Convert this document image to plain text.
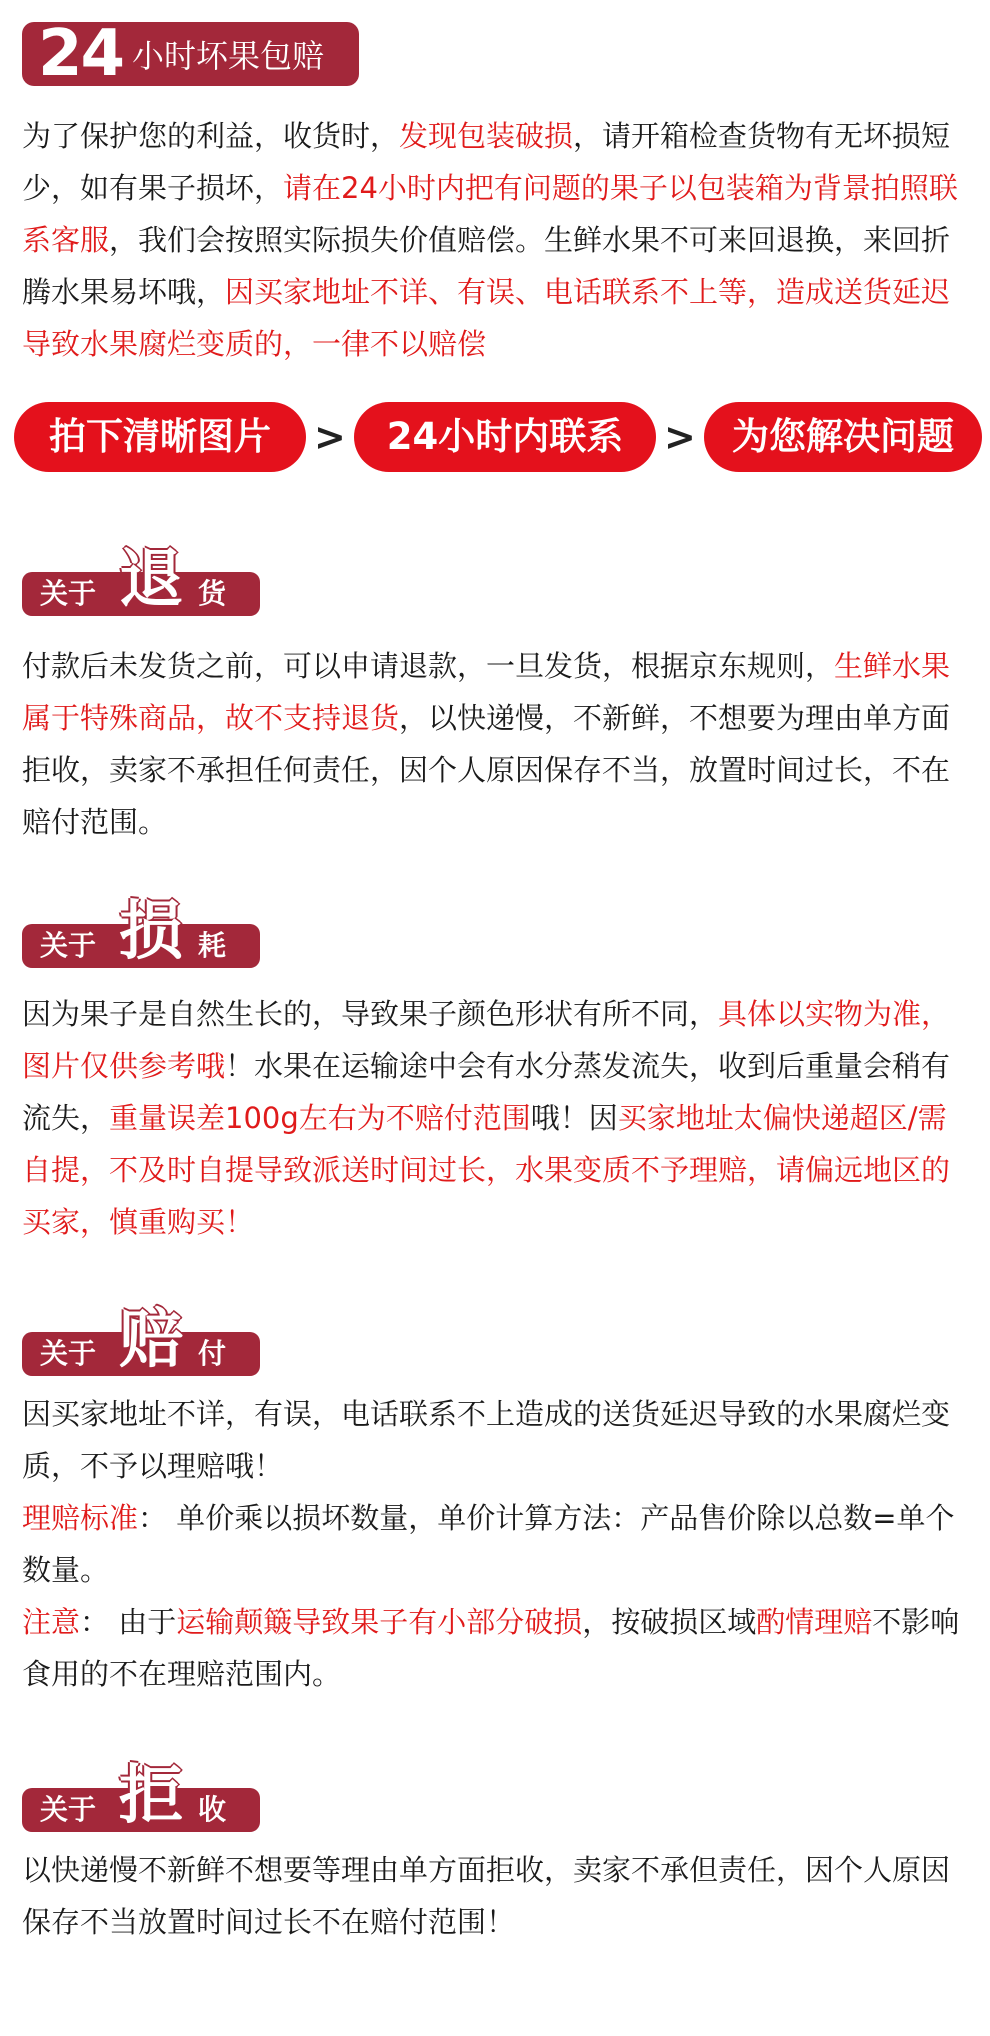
24 小时坏果包赔

为了保护您的利益，收货时，发现包装破损，请开箱检查货物有无坏损短少，如有果子损坏，请在24小时内把有问题的果子以包装箱为背景拍照联系客服，我们会按照实际损失价值赔偿。生鲜水果不可来回退换，来回折腾水果易坏哦，因买家地址不详、有误、电话联系不上等，造成送货延迟导致水果腐烂变质的，一律不以赔偿

拍下清晰图片	>	24小时内联系	> 为您解决问题
关于 退 货

付款后未发货之前，可以申请退款，一旦发货，根据京东规则，生鲜水果属于特殊商品，故不支持退货，以快递慢，不新鲜，不想要为理由单方面拒收，卖家不承担任何责任，因个人原因保存不当，放置时间过长，不在赔付范围。

关于 损 耗

因为果子是自然生长的，导致果子颜色形状有所不同，具体以实物为准，图片仅供参考哦！水果在运输途中会有水分蒸发流失，收到后重量会稍有流失，重量误差100g左右为不赔付范围哦！因买家地址太偏快递超区/需自提，不及时自提导致派送时间过长，水果变质不予理赔，请偏远地区的买家，慎重购买！

关于 赔 付

因买家地址不详，有误，电话联系不上造成的送货延迟导致的水果腐烂变质，不予以理赔哦！

理赔标准： 单价乘以损坏数量，单价计算方法：产品售价除以总数=单个数量。

注意： 由于运输颠簸导致果子有小部分破损，按破损区域酌情理赔不影响食用的不在理赔范围内。

关于 拒 收

以快递慢不新鲜不想要等理由单方面拒收，卖家不承但责任，因个人原因保存不当放置时间过长不在赔付范围！
